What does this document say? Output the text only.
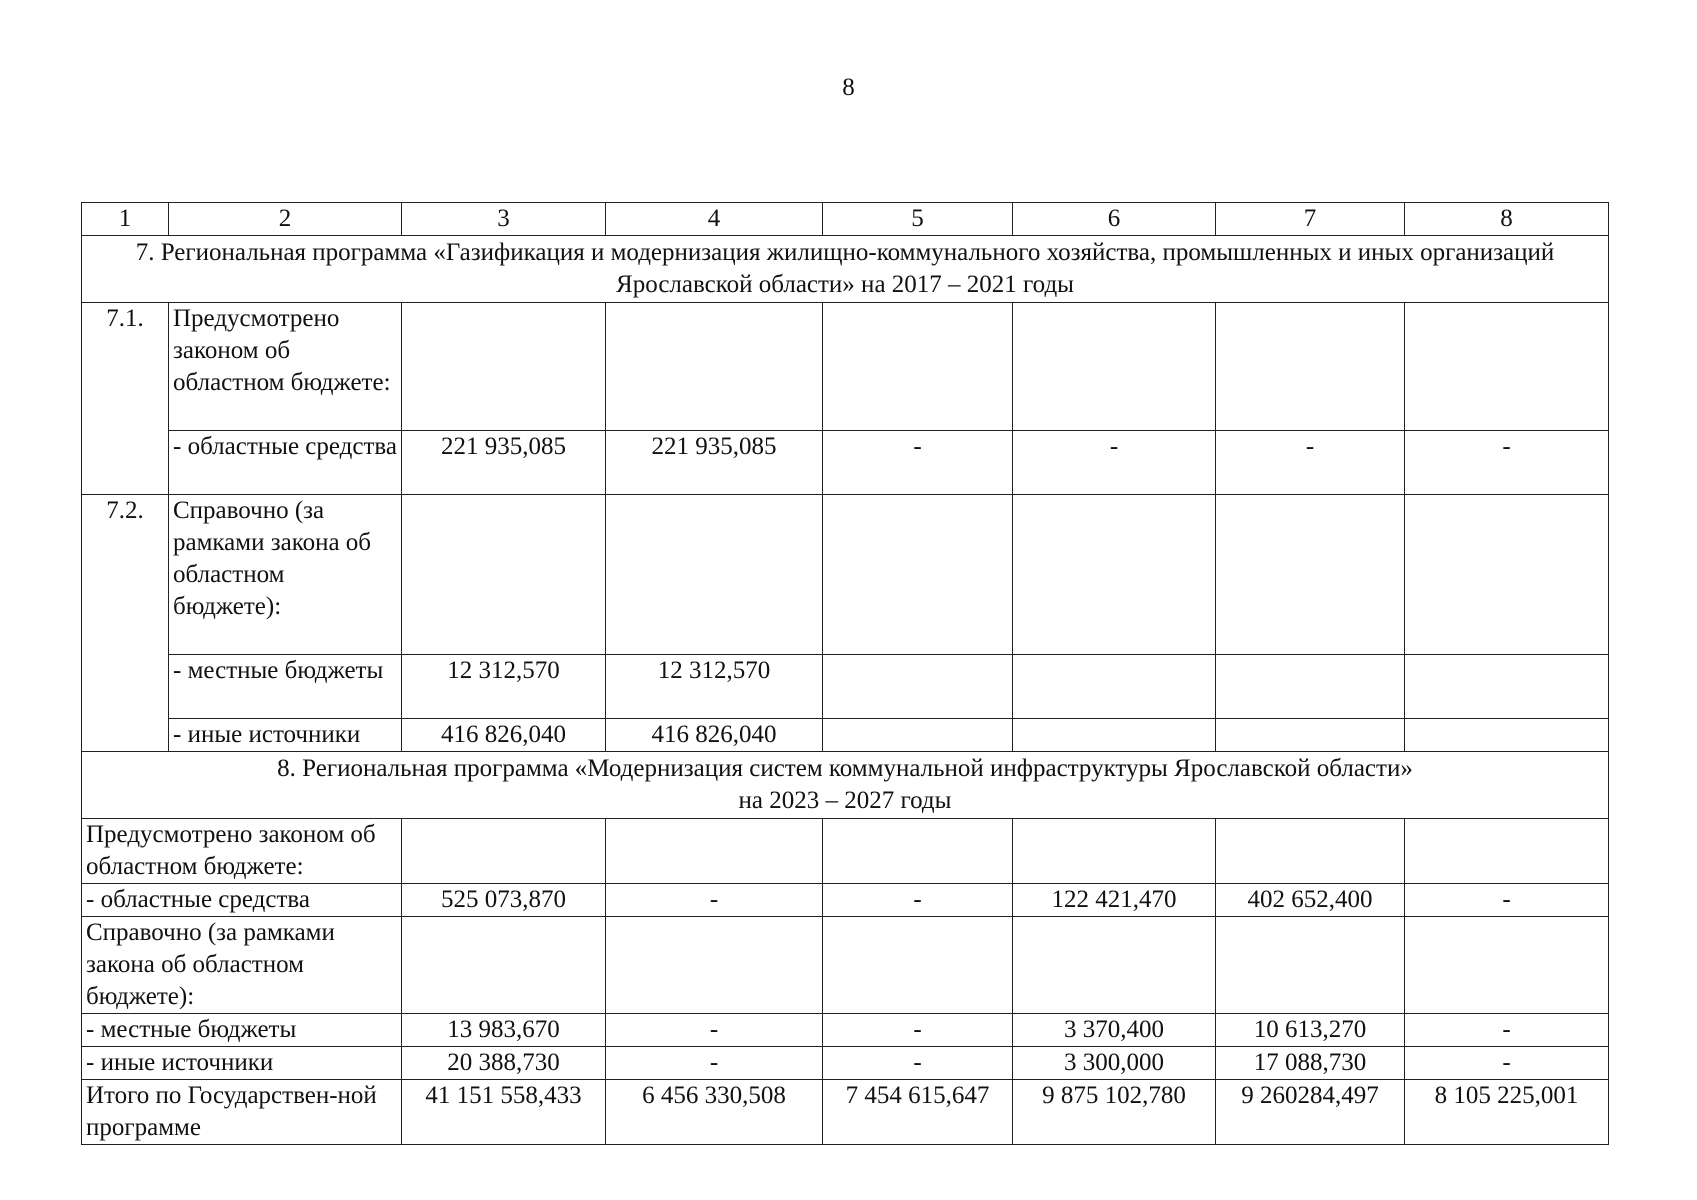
8
1	2	3	4	5	6	7	8
7. Региональная программа «Газификация и модернизация жилищно-коммунального хозяйства, промышленных и иных организаций Ярославской области» на 2017 – 2021 годы							
7.1.	Предусмотрено законом об областном бюджете:						
	- областные средства	221 935,085	221 935,085	-	-	-	-
7.2.	Справочно (за рамками закона об областном бюджете):						
	- местные бюджеты	12 312,570	12 312,570				
	- иные источники	416 826,040	416 826,040				

8. Региональная программа «Модернизация систем коммунальной инфраструктуры Ярославской области»
на 2023 – 2027 годы							

Предусмотрено законом об областном бюджете:							
- областные средства		525 073,870	-	-	122 421,470	402 652,400	-
Справочно (за рамками закона об областном бюджете):							
- местные бюджеты		13 983,670	-	-	3 370,400	10 613,270	-
- иные источники		20 388,730	-	-	3 300,000	17 088,730	-
Итого по Государствен-ной программе		41 151 558,433	6 456 330,508	7 454 615,647	9 875 102,780	9 260284,497	8 105 225,001
